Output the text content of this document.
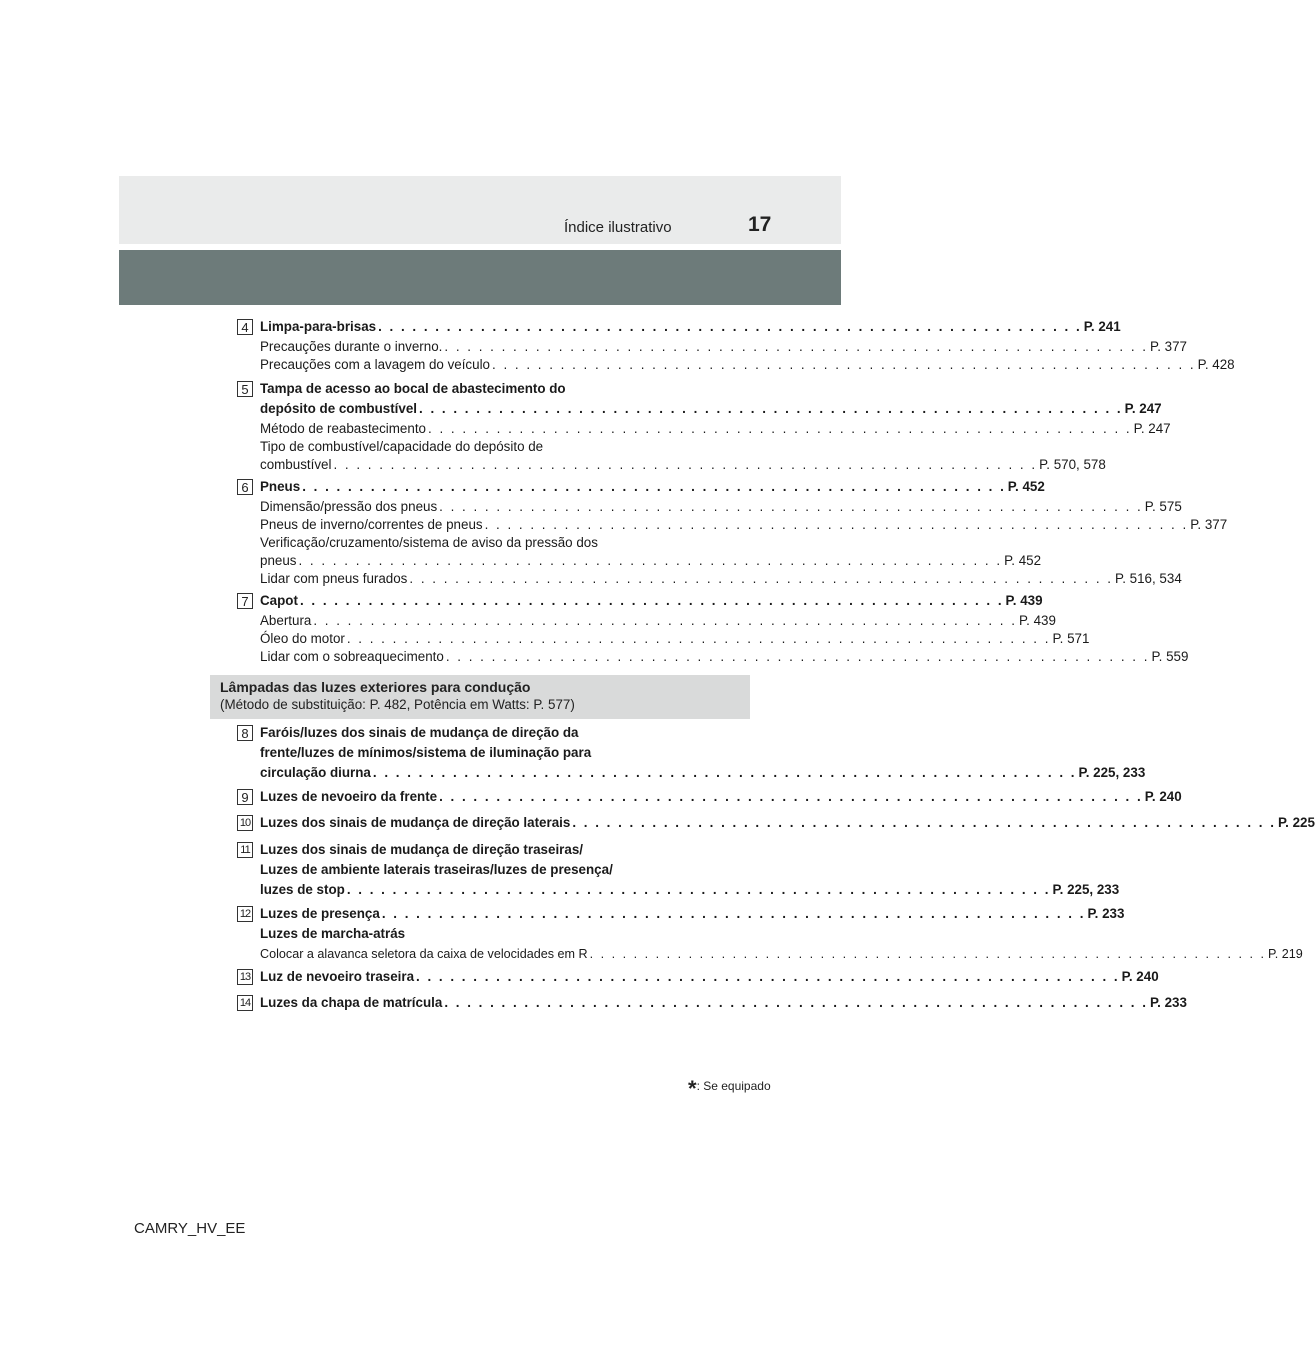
Índice ilustrativo	17
Lâmpadas das luzes exteriores para condução
(Método de substituição: P. 482, Potência em Watts: P. 577)
4 Limpa-para-brisas . . . . . . . . . . . . . . . . . . . . . . . . . . . . . . . . . . . . . . . . . . . . . . . . . . . . . . . . . . . . . . P. 241
Precauções durante o inverno. . . . . . . . . . . . . . . . . . . . . . . . . . . . . . . . . . . . . . . . . . . . . . . . . . . . . . . . . . . . . . . P. 377
Precauções com a lavagem do veículo . . . . . . . . . . . . . . . . . . . . . . . . . . . . . . . . . . . . . . . . . . . . . . . . . . . . . . . . . . . . . . P. 428
5 Tampa de acesso ao bocal de abastecimento do
depósito de combustível . . . . . . . . . . . . . . . . . . . . . . . . . . . . . . . . . . . . . . . . . . . . . . . . . . . . . . . . . . . . . . P. 247
Método de reabastecimento . . . . . . . . . . . . . . . . . . . . . . . . . . . . . . . . . . . . . . . . . . . . . . . . . . . . . . . . . . . . . . P. 247
Tipo de combustível/capacidade do depósito de
combustível . . . . . . . . . . . . . . . . . . . . . . . . . . . . . . . . . . . . . . . . . . . . . . . . . . . . . . . . . . . . . . P. 570, 578
6 Pneus . . . . . . . . . . . . . . . . . . . . . . . . . . . . . . . . . . . . . . . . . . . . . . . . . . . . . . . . . . . . . . P. 452
Dimensão/pressão dos pneus . . . . . . . . . . . . . . . . . . . . . . . . . . . . . . . . . . . . . . . . . . . . . . . . . . . . . . . . . . . . . . P. 575
Pneus de inverno/correntes de pneus . . . . . . . . . . . . . . . . . . . . . . . . . . . . . . . . . . . . . . . . . . . . . . . . . . . . . . . . . . . . . . P. 377
Verificação/cruzamento/sistema de aviso da pressão dos
pneus . . . . . . . . . . . . . . . . . . . . . . . . . . . . . . . . . . . . . . . . . . . . . . . . . . . . . . . . . . . . . . P. 452
Lidar com pneus furados . . . . . . . . . . . . . . . . . . . . . . . . . . . . . . . . . . . . . . . . . . . . . . . . . . . . . . . . . . . . . . P. 516, 534
7 Capot . . . . . . . . . . . . . . . . . . . . . . . . . . . . . . . . . . . . . . . . . . . . . . . . . . . . . . . . . . . . . . P. 439
Abertura . . . . . . . . . . . . . . . . . . . . . . . . . . . . . . . . . . . . . . . . . . . . . . . . . . . . . . . . . . . . . . P. 439
Óleo do motor . . . . . . . . . . . . . . . . . . . . . . . . . . . . . . . . . . . . . . . . . . . . . . . . . . . . . . . . . . . . . . P. 571
Lidar com o sobreaquecimento . . . . . . . . . . . . . . . . . . . . . . . . . . . . . . . . . . . . . . . . . . . . . . . . . . . . . . . . . . . . . . P. 559
8 Faróis/luzes dos sinais de mudança de direção da
frente/luzes de mínimos/sistema de iluminação para
circulação diurna . . . . . . . . . . . . . . . . . . . . . . . . . . . . . . . . . . . . . . . . . . . . . . . . . . . . . . . . . . . . . . P. 225, 233
9 Luzes de nevoeiro da frente . . . . . . . . . . . . . . . . . . . . . . . . . . . . . . . . . . . . . . . . . . . . . . . . . . . . . . . . . . . . . . P. 240
10 Luzes dos sinais de mudança de direção laterais . . . . . . . . . . . . . . . . . . . . . . . . . . . . . . . . . . . . . . . . . . . . . . . . . . . . . . . . . . . . . . P. 225
11 Luzes dos sinais de mudança de direção traseiras/
Luzes de ambiente laterais traseiras/luzes de presença/
luzes de stop . . . . . . . . . . . . . . . . . . . . . . . . . . . . . . . . . . . . . . . . . . . . . . . . . . . . . . . . . . . . . . P. 225, 233
12 Luzes de presença . . . . . . . . . . . . . . . . . . . . . . . . . . . . . . . . . . . . . . . . . . . . . . . . . . . . . . . . . . . . . . P. 233
Luzes de marcha-atrás
Colocar a alavanca seletora da caixa de velocidades em R . . . . . . . . . . . . . . . . . . . . . . . . . . . . . . . . . . . . . . . . . . . . . . . . . . . . . . . . . . . . . . P. 219
13 Luz de nevoeiro traseira . . . . . . . . . . . . . . . . . . . . . . . . . . . . . . . . . . . . . . . . . . . . . . . . . . . . . . . . . . . . . . P. 240
14 Luzes da chapa de matrícula . . . . . . . . . . . . . . . . . . . . . . . . . . . . . . . . . . . . . . . . . . . . . . . . . . . . . . . . . . . . . . P. 233
*: Se equipado
CAMRY_HV_EE
